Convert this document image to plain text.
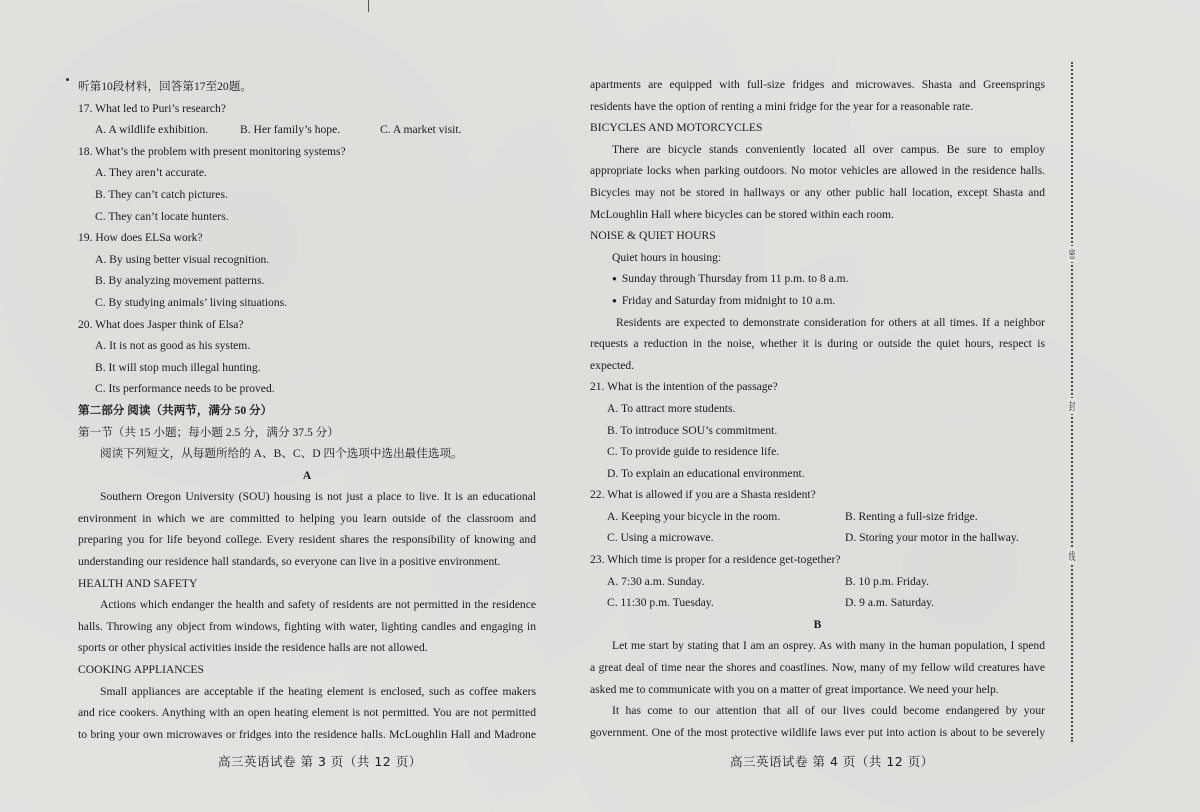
听第10段材料，回答第17至20题。
17. What led to Puri’s research?
A. A wildlife exhibition.	B. Her family’s hope.	C. A market visit.
18. What’s the problem with present monitoring systems?
A. They aren’t accurate.
B. They can’t catch pictures.
C. They can’t locate hunters.
19. How does ELSa work?
A. By using better visual recognition.
B. By analyzing movement patterns.
C. By studying animals’ living situations.
20. What does Jasper think of Elsa?
A. It is not as good as his system.
B. It will stop much illegal hunting.
C. Its performance needs to be proved.
第二部分 阅读（共两节，满分 50 分）
第一节（共 15 小题；每小题 2.5 分，满分 37.5 分）
阅读下列短文，从每题所给的 A、B、C、D 四个选项中选出最佳选项。
A
Southern Oregon University (SOU) housing is not just a place to live. It is an educational
environment in which we are committed to helping you learn outside of the classroom and
preparing you for life beyond college. Every resident shares the responsibility of knowing and
understanding our residence hall standards, so everyone can live in a positive environment.
HEALTH AND SAFETY
Actions which endanger the health and safety of residents are not permitted in the residence
halls. Throwing any object from windows, fighting with water, lighting candles and engaging in
sports or other physical activities inside the residence halls are not allowed.
COOKING APPLIANCES
Small appliances are acceptable if the heating element is enclosed, such as coffee makers
and rice cookers. Anything with an open heating element is not permitted. You are not permitted
to bring your own microwaves or fridges into the residence halls. McLoughlin Hall and Madrone
apartments are equipped with full-size fridges and microwaves. Shasta and Greensprings
residents have the option of renting a mini fridge for the year for a reasonable rate.
BICYCLES AND MOTORCYCLES
There are bicycle stands conveniently located all over campus. Be sure to employ
appropriate locks when parking outdoors. No motor vehicles are allowed in the residence halls.
Bicycles may not be stored in hallways or any other public hall location, except Shasta and
McLoughlin Hall where bicycles can be stored within each room.
NOISE & QUIET HOURS
Quiet hours in housing:
● Sunday through Thursday from 11 p.m. to 8 a.m.
● Friday and Saturday from midnight to 10 a.m.
Residents are expected to demonstrate consideration for others at all times. If a neighbor
requests a reduction in the noise, whether it is during or outside the quiet hours, respect is
expected.
21. What is the intention of the passage?
A. To attract more students.
B. To introduce SOU’s commitment.
C. To provide guide to residence life.
D. To explain an educational environment.
22. What is allowed if you are a Shasta resident?
A. Keeping your bicycle in the room.	B. Renting a full-size fridge.
C. Using a microwave.	D. Storing your motor in the hallway.
23. Which time is proper for a residence get-together?
A. 7:30 a.m. Sunday.	B. 10 p.m. Friday.
C. 11:30 p.m. Tuesday.	D. 9 a.m. Saturday.
B
Let me start by stating that I am an osprey. As with many in the human population, I spend
a great deal of time near the shores and coastlines. Now, many of my fellow wild creatures have
asked me to communicate with you on a matter of great importance. We need your help.
It has come to our attention that all of our lives could become endangered by your
government. One of the most protective wildlife laws ever put into action is about to be severely
高三英语试卷 第 3 页（共 12 页）	高三英语试卷 第 4 页（共 12 页）
密
封
线
